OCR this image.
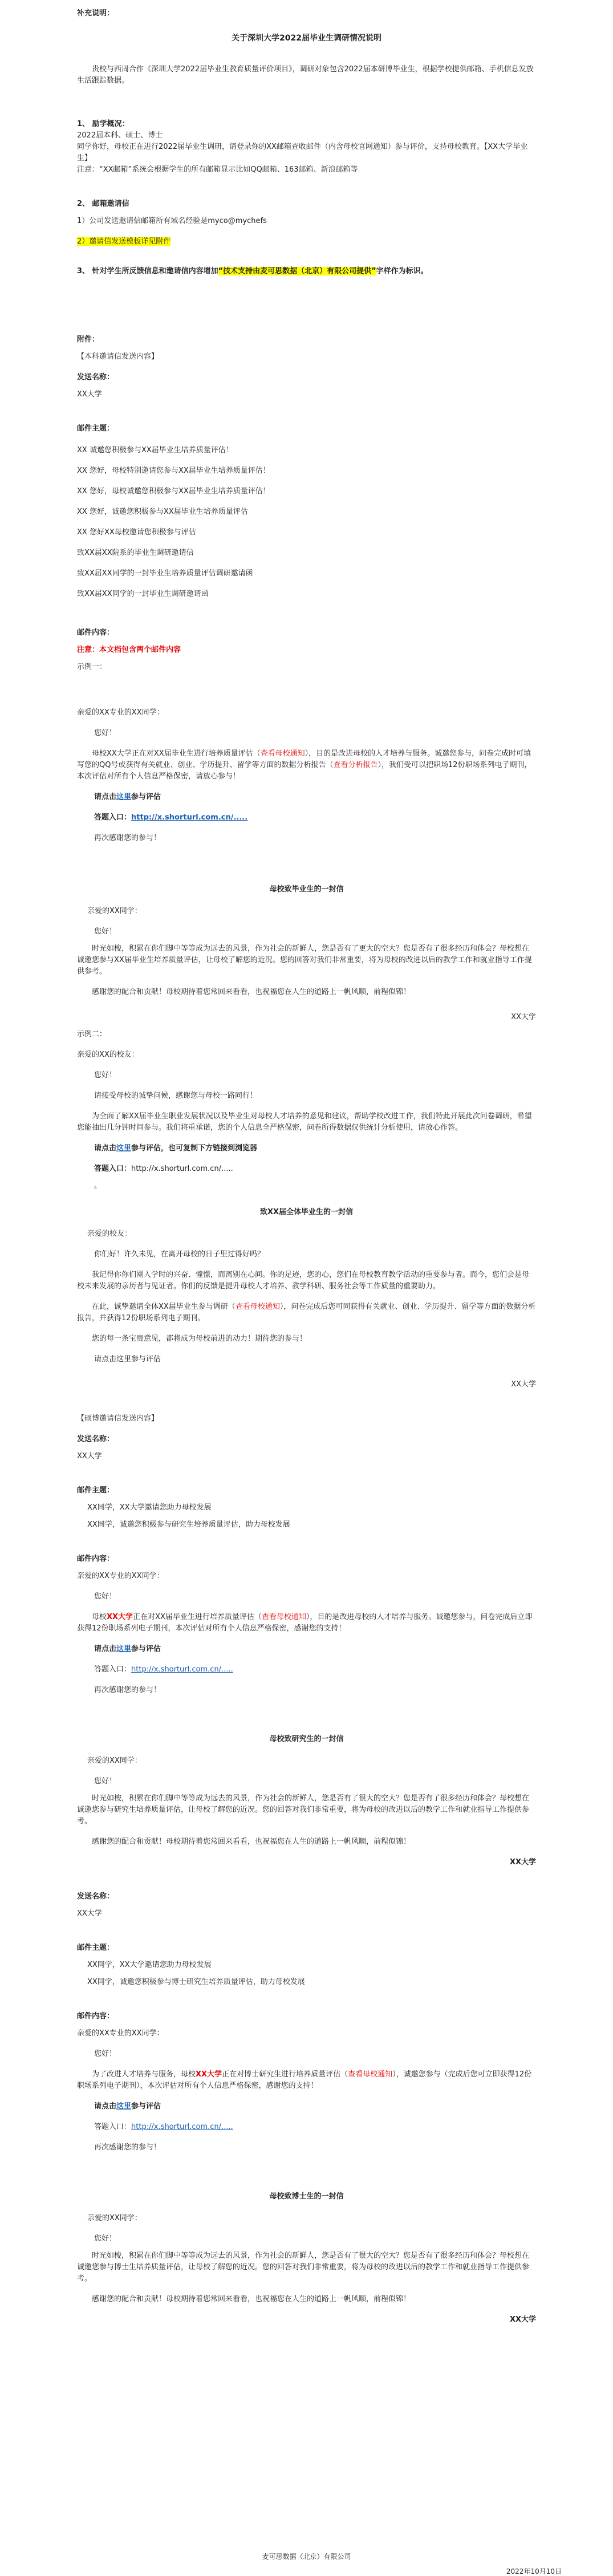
补充说明：
关于深圳大学2022届毕业生调研情况说明

贵校与西周合作《深圳大学2022届毕业生教育质量评价项目》，调研对象包含2022届本研博毕业生，根据学校提供邮箱、手机信息发放生活跟踪数据。

1、 励学概况：

2022届本科、硕士、博士

同学你好，母校正在进行2022届毕业生调研，请登录你的XX邮箱查收邮件（内含母校官网通知）参与评价，支持母校教育。【XX大学毕业生】

注意：“XX邮箱”系统会根据学生的所有邮箱显示比如QQ邮箱、163邮箱、新浪邮箱等

2、 邮箱邀请信

1）公司发送邀请信邮箱所有域名经验是myco@mychefs

2）邀请信发送模板详见附件

3、 针对学生所反馈信息和邀请信内容增加“技术支持由麦可思数据（北京）有限公司提供”字样作为标识。

附件：

【本科邀请信发送内容】

发送名称：

XX大学

邮件主题：

XX 诚邀您积极参与XX届毕业生培养质量评估！

XX 您好，母校特别邀请您参与XX届毕业生培养质量评估！

XX 您好，母校诚邀您积极参与XX届毕业生培养质量评估！

XX 您好，诚邀您积极参与XX届毕业生培养质量评估

XX 您好XX母校邀请您积极参与评估

致XX届XX院系的毕业生调研邀请信

致XX届XX同学的一封毕业生培养质量评估调研邀请函

致XX届XX同学的一封毕业生调研邀请函

邮件内容：

注意：本文档包含两个邮件内容

示例一：

亲爱的XX专业的XX同学：

您好！

母校XX大学正在对XX届毕业生进行培养质量评估（查看母校通知），目的是改进母校的人才培养与服务。诚邀您参与，问卷完成时可填写您的QQ号或获得有关就业、创业、学历提升、留学等方面的数据分析报告（查看分析报告），我们受可以把职场12份职场系列电子期刊，本次评估对所有个人信息严格保密，请放心参与！

请点击这里参与评估

答题入口：http://x.shorturl.com.cn/.....

再次感谢您的参与！

母校致毕业生的一封信

亲爱的XX同学：

您好！

时光如梭，积累在你们脚中等等成为远去的风景，作为社会的新鲜人，您是否有了更大的空大？您是否有了很多经历和体会？母校想在诚邀您参与XX届毕业生培养质量评估，让母校了解您的近况。您的回答对我们非常重要，将为母校的改进以后的教学工作和就业指导工作提供参考。

感谢您的配合和贡献！母校期待着您常回来看看，也祝福您在人生的道路上一帆风顺，前程似锦！

XX大学

示例二：

亲爱的XX的校友：

您好！

请接受母校的诚挚问候，感谢您与母校一路同行！

为全面了解XX届毕业生职业发展状况以及毕业生对母校人才培养的意见和建议，帮助学校改进工作，我们特此开展此次问卷调研，希望您能抽出几分钟时间参与。我们将重承诺，您的个人信息全严格保密，问卷所得数据仅供统计分析使用，请放心作答。

请点击这里参与评估，也可复制下方链接到浏览器

答题入口：http://x.shorturl.com.cn/.....

。

致XX届全体毕业生的一封信

亲爱的校友：

你们好！许久未见，在离开母校的日子里过得好吗？

我记得你你们刚入学时的兴奋、憧憬，而离别在心间。你的足迹，您的心，您们在母校教育教学活动的重要参与者。而今，您们会是母校未来发展的亲历者与见证者。你们的反馈是提升母校人才培养、教学科研、服务社会等工作质量的重要助力。

在此，诚挚邀请全体XX届毕业生参与调研（查看母校通知），问卷完成后您可同获得有关就业、创业、学历提升、留学等方面的数据分析报告，并获得12份职场系列电子期刊。

您的每一条宝贵意见，都将成为母校前进的动力！期待您的参与！

请点击这里参与评估

XX大学

【硕博邀请信发送内容】

发送名称：

XX大学

邮件主题：

XX同学，XX大学邀请您助力母校发展

XX同学，诚邀您积极参与研究生培养质量评估，助力母校发展

邮件内容：

亲爱的XX专业的XX同学：

您好！

母校XX大学正在对XX届毕业生进行培养质量评估（查看母校通知），目的是改进母校的人才培养与服务。诚邀您参与，问卷完成后立即获得12份职场系列电子期刊，本次评估对所有个人信息严格保密，感谢您的支持！

请点击这里参与评估

答题入口：http://x.shorturl.com.cn/.....

再次感谢您的参与！

母校致研究生的一封信

亲爱的XX同学：

您好！

时光如梭，积累在你们脚中等等成为远去的风景，作为社会的新鲜人，您是否有了很大的空大？您是否有了很多经历和体会？母校想在诚邀您参与研究生培养质量评估，让母校了解您的近况。您的回答对我们非常重要，将为母校的改进以后的教学工作和就业指导工作提供参考。

感谢您的配合和贡献！母校期待着您常回来看看，也祝福您在人生的道路上一帆风顺，前程似锦！

XX大学

发送名称：

XX大学

邮件主题：

XX同学，XX大学邀请您助力母校发展

XX同学，诚邀您积极参与博士研究生培养质量评估，助力母校发展

邮件内容：

亲爱的XX专业的XX同学：

您好！

为了改进人才培养与服务，母校XX大学正在对博士研究生进行培养质量评估（查看母校通知），诚邀您参与（完成后您可立即获得12份职场系列电子期刊），本次评估对所有个人信息严格保密，感谢您的支持！

请点击这里参与评估

答题入口：http://x.shorturl.com.cn/.....

再次感谢您的参与！

母校致博士生的一封信

亲爱的XX同学：

您好！

时光如梭，积累在你们脚中等等成为远去的风景，作为社会的新鲜人，您是否有了很大的空大？您是否有了很多经历和体会？母校想在诚邀您参与博士生培养质量评估，让母校了解您的近况。您的回答对我们非常重要，将为母校的改进以后的教学工作和就业指导工作提供参考。

感谢您的配合和贡献！母校期待着您常回来看看，也祝福您在人生的道路上一帆风顺，前程似锦！

XX大学

麦可思数据（北京）有限公司
2022年10月10日
